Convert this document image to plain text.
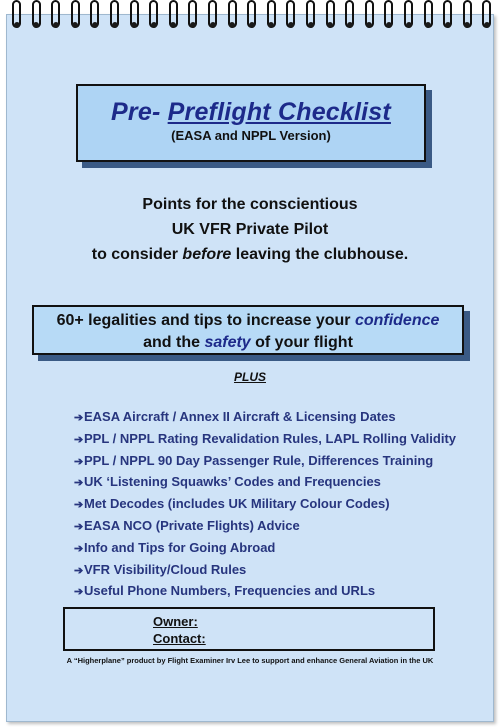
Pre- Preflight Checklist
(EASA and NPPL Version)
Points for the conscientious
UK VFR Private Pilot
to consider before leaving the clubhouse.
60+ legalities and tips to increase your confidence
and the safety of your flight
PLUS
➔EASA Aircraft / Annex II Aircraft & Licensing Dates
➔PPL / NPPL Rating Revalidation Rules, LAPL Rolling Validity
➔PPL / NPPL 90 Day Passenger Rule, Differences Training
➔UK ‘Listening Squawks’ Codes and Frequencies
➔Met Decodes (includes UK Military Colour Codes)
➔EASA NCO (Private Flights) Advice
➔Info and Tips for Going Abroad
➔VFR Visibility/Cloud Rules
➔Useful Phone Numbers, Frequencies and URLs
Owner:
Contact:
A “Higherplane” product by Flight Examiner Irv Lee to support and enhance General Aviation in the UK
